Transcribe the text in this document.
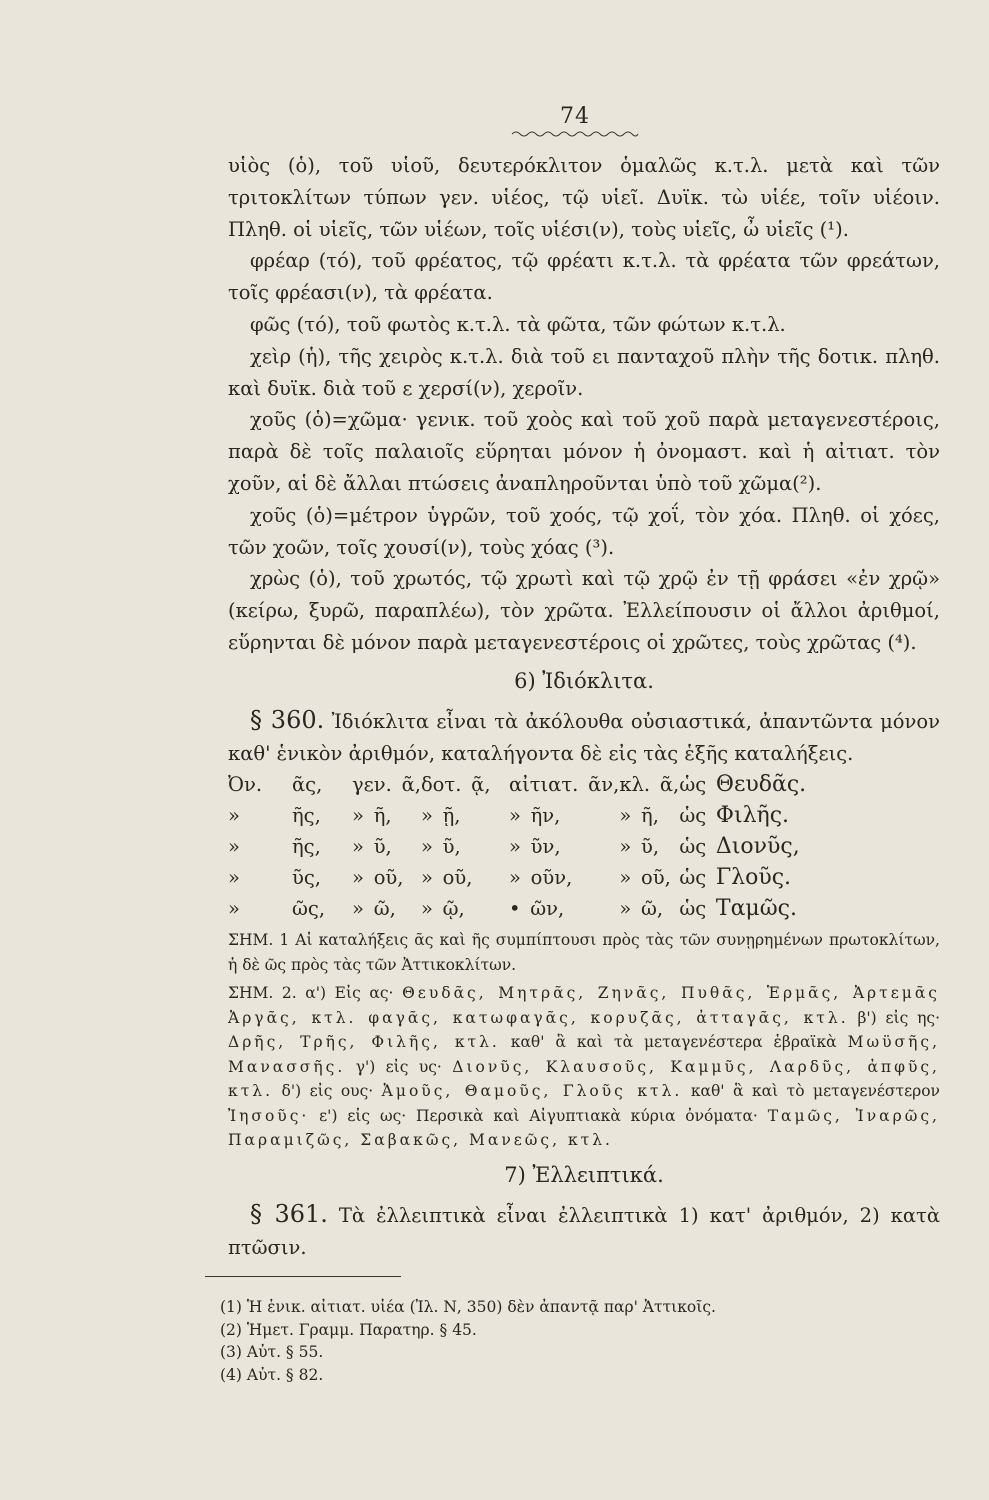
74

υἱὸς (ὁ), τοῦ υἱοῦ, δευτερόκλιτον ὁμαλῶς κ.τ.λ. μετὰ καὶ τῶν τριτοκλίτων τύπων γεν. υἱέος, τῷ υἱεῖ. Δυϊκ. τὼ υἱέε, τοῖν υἱέοιν. Πληθ. οἱ υἱεῖς, τῶν υἱέων, τοῖς υἱέσι(ν), τοὺς υἱεῖς, ὦ υἱεῖς (¹).

φρέαρ (τό), τοῦ φρέατος, τῷ φρέατι κ.τ.λ. τὰ φρέατα τῶν φρεάτων, τοῖς φρέασι(ν), τὰ φρέατα.

φῶς (τό), τοῦ φωτὸς κ.τ.λ. τὰ φῶτα, τῶν φώτων κ.τ.λ.

χεὶρ (ἡ), τῆς χειρὸς κ.τ.λ. διὰ τοῦ ει πανταχοῦ πλὴν τῆς δοτικ. πληθ. καὶ δυϊκ. διὰ τοῦ ε χερσί(ν), χεροῖν.

χοῦς (ὁ)=χῶμα· γενικ. τοῦ χοὸς καὶ τοῦ χοῦ παρὰ μεταγενεστέροις, παρὰ δὲ τοῖς παλαιοῖς εὕρηται μόνον ἡ ὀνομαστ. καὶ ἡ αἰτιατ. τὸν χοῦν, αἱ δὲ ἄλλαι πτώσεις ἀναπληροῦνται ὑπὸ τοῦ χῶμα(²).

χοῦς (ὁ)=μέτρον ὑγρῶν, τοῦ χοός, τῷ χοΐ, τὸν χόα. Πληθ. οἱ χόες, τῶν χοῶν, τοῖς χουσί(ν), τοὺς χόας (³).

χρὼς (ὁ), τοῦ χρωτός, τῷ χρωτὶ καὶ τῷ χρῷ ἐν τῇ φράσει «ἐν χρῷ» (κείρω, ξυρῶ, παραπλέω), τὸν χρῶτα. Ἐλλείπουσιν οἱ ἄλλοι ἀριθμοί, εὕρηνται δὲ μόνον παρὰ μεταγενεστέροις οἱ χρῶτες, τοὺς χρῶτας (⁴).

6) Ἰδιόκλιτα.

§ 360. Ἰδιόκλιτα εἶναι τὰ ἀκόλουθα οὐσιαστικά, ἀπαντῶντα μόνον καθ' ἑνικὸν ἀριθμόν, καταλήγοντα δὲ εἰς τὰς ἑξῆς καταλήξεις.

Ὀν.	ᾶς,	γεν.  ᾶ,	δοτ.  ᾷ,	αἰτιατ.  ᾶν,	κλ.  ᾶ,	ὡς  Θευδᾶς.
»	ῆς,	»  ῆ,	»  ῇ,	»  ῆν,	»  ῆ,	ὡς  Φιλῆς.
»	ῆς,	»  ῦ,	»  ῦ,	»  ῦν,	»  ῦ,	ὡς  Διονῦς,
»	ῦς,	»  οῦ,	»  οῦ,	»  οῦν,	»  οῦ,	ὡς  Γλοῦς.
»	ῶς,	»  ῶ,	»  ῷ,	•  ῶν,	»  ῶ,	ὡς  Ταμῶς.
ΣΗΜ. 1 Αἱ καταλήξεις ᾶς καὶ ῆς συμπίπτουσι πρὸς τὰς τῶν συνῃρημένων πρωτοκλίτων, ἡ δὲ ῶς πρὸς τὰς τῶν Ἀττικοκλίτων.
ΣΗΜ. 2. α') Εἰς ας· Θευδᾶς, Μητρᾶς, Ζηνᾶς, Πυθᾶς, Ἑρμᾶς, Ἀρτεμᾶς Ἀργᾶς, κτλ. φαγᾶς, κατωφαγᾶς, κορυζᾶς, ἀτταγᾶς, κτλ. β') εἰς ης· Δρῆς, Τρῆς, Φιλῆς, κτλ. καθ' ἃ καὶ τὰ μεταγενέστερα ἑβραϊκὰ Μωϋσῆς, Μανασσῆς. γ') εἰς υς· Διονῦς, Κλαυσοῦς, Καμμῦς, Λαρδῦς, ἀπφῦς, κτλ. δ') εἰς ους· Ἀμοῦς, Θαμοῦς, Γλοῦς κτλ. καθ' ἃ καὶ τὸ μεταγενέστερον Ἰησοῦς· ε') εἰς ως· Περσικὰ καὶ Αἰγυπτιακὰ κύρια ὀνόματα· Ταμῶς, Ἰναρῶς, Παραμιζῶς, Σαβακῶς, Μανεῶς, κτλ.
7) Ἐλλειπτικά.

§ 361. Τὰ ἐλλειπτικὰ εἶναι ἐλλειπτικὰ 1) κατ' ἀριθμόν, 2) κατὰ πτῶσιν.

(1) Ἡ ἑνικ. αἰτιατ. υἱέα (Ἰλ. Ν, 350) δὲν ἀπαντᾷ παρ' Ἀττικοῖς.

(2) Ἡμετ. Γραμμ. Παρατηρ. § 45.

(3) Αὐτ. § 55.

(4) Αὐτ. § 82.
